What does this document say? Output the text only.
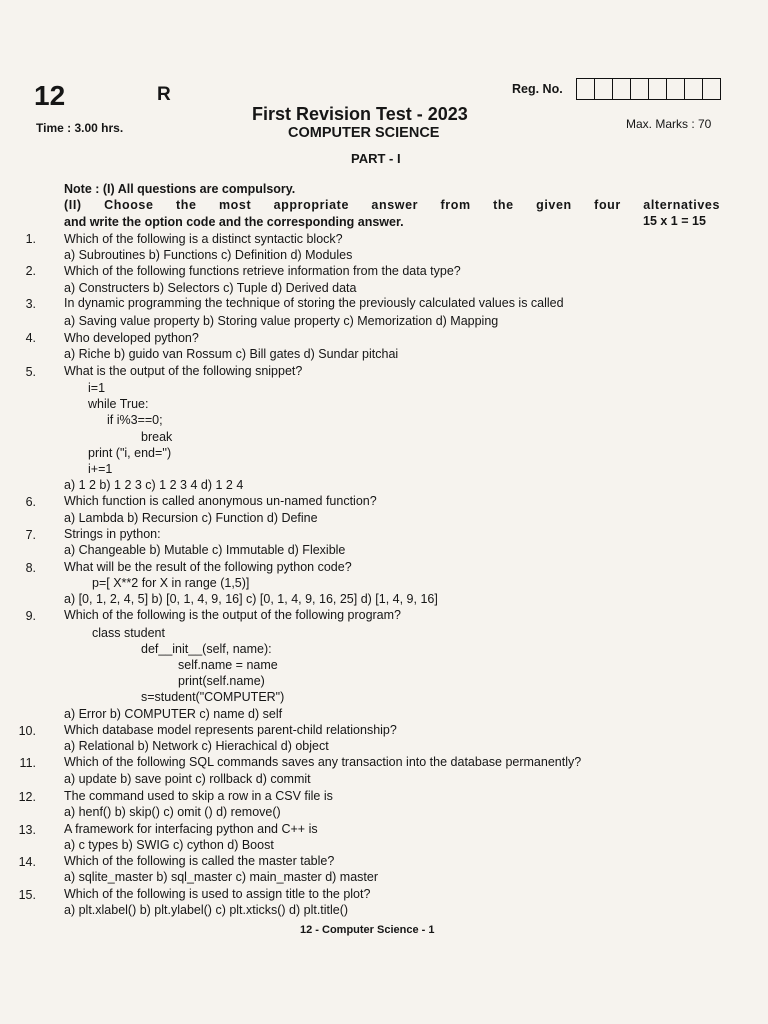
12	R	Reg. No.
First Revision Test - 2023
Time : 3.00 hrs.	COMPUTER SCIENCE
Max. Marks : 70
PART - I
Note : (I) All questions are compulsory.
(II) Choose the most appropriate answer from the given four alternatives
and write the option code and the corresponding answer.	15 x 1 = 15
1. Which of the following is a distinct syntactic block?
a) Subroutines b) Functions c) Definition d) Modules
2. Which of the following functions retrieve information from the data type?
a) Constructers b) Selectors c) Tuple d) Derived data
3. In dynamic programming the technique of storing the previously calculated values is called
a) Saving value property b) Storing value property c) Memorization d) Mapping
4. Who developed python?
a) Riche b) guido van Rossum c) Bill gates d) Sundar pitchai
5. What is the output of the following snippet?
i=1
while True:
if i%3==0;
break
print ("i, end='')
i+=1
a) 1 2 b) 1 2 3 c) 1 2 3 4 d) 1 2 4
6. Which function is called anonymous un-named function?
a) Lambda b) Recursion c) Function d) Define
7. Strings in python:
a) Changeable b) Mutable c) Immutable d) Flexible
8. What will be the result of the following python code?
p=[ X**2 for X in range (1,5)]
a) [0, 1, 2, 4, 5] b) [0, 1, 4, 9, 16] c) [0, 1, 4, 9, 16, 25] d) [1, 4, 9, 16]
9. Which of the following is the output of the following program?
class student
def__init__(self, name):
self.name = name
print(self.name)
s=student("COMPUTER")
a) Error b) COMPUTER c) name d) self
10. Which database model represents parent-child relationship?
a) Relational b) Network c) Hierachical d) object
11. Which of the following SQL commands saves any transaction into the database permanently?
a) update b) save point c) rollback d) commit
12. The command used to skip a row in a CSV file is
a) henf() b) skip() c) omit () d) remove()
13. A framework for interfacing python and C++ is
a) c types b) SWIG c) cython d) Boost
14. Which of the following is called the master table?
a) sqlite_master b) sql_master c) main_master d) master
15. Which of the following is used to assign title to the plot?
a) plt.xlabel() b) plt.ylabel() c) plt.xticks() d) plt.title()
12 - Computer Science - 1
